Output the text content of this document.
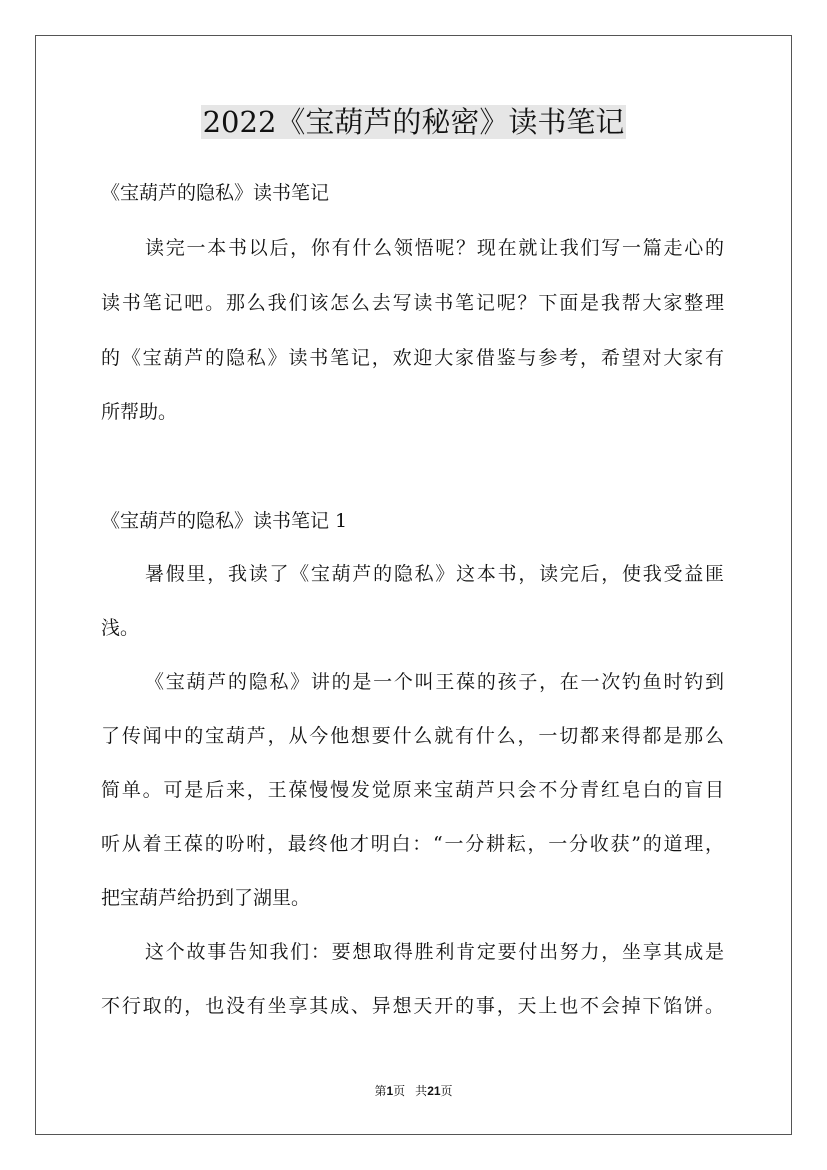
2022《宝葫芦的秘密》读书笔记
《宝葫芦的隐私》读书笔记
读完一本书以后，你有什么领悟呢？现在就让我们写一篇走心的
读书笔记吧。那么我们该怎么去写读书笔记呢？下面是我帮大家整理
的《宝葫芦的隐私》读书笔记，欢迎大家借鉴与参考，希望对大家有
所帮助。
《宝葫芦的隐私》读书笔记 1
暑假里，我读了《宝葫芦的隐私》这本书，读完后，使我受益匪
浅。
《宝葫芦的隐私》讲的是一个叫王葆的孩子，在一次钓鱼时钓到
了传闻中的宝葫芦，从今他想要什么就有什么，一切都来得都是那么
简单。可是后来，王葆慢慢发觉原来宝葫芦只会不分青红皂白的盲目
听从着王葆的吩咐，最终他才明白：“一分耕耘，一分收获”的道理，
把宝葫芦给扔到了湖里。
这个故事告知我们：要想取得胜利肯定要付出努力，坐享其成是
不行取的，也没有坐享其成、异想天开的事，天上也不会掉下馅饼。
第1页 共21页
